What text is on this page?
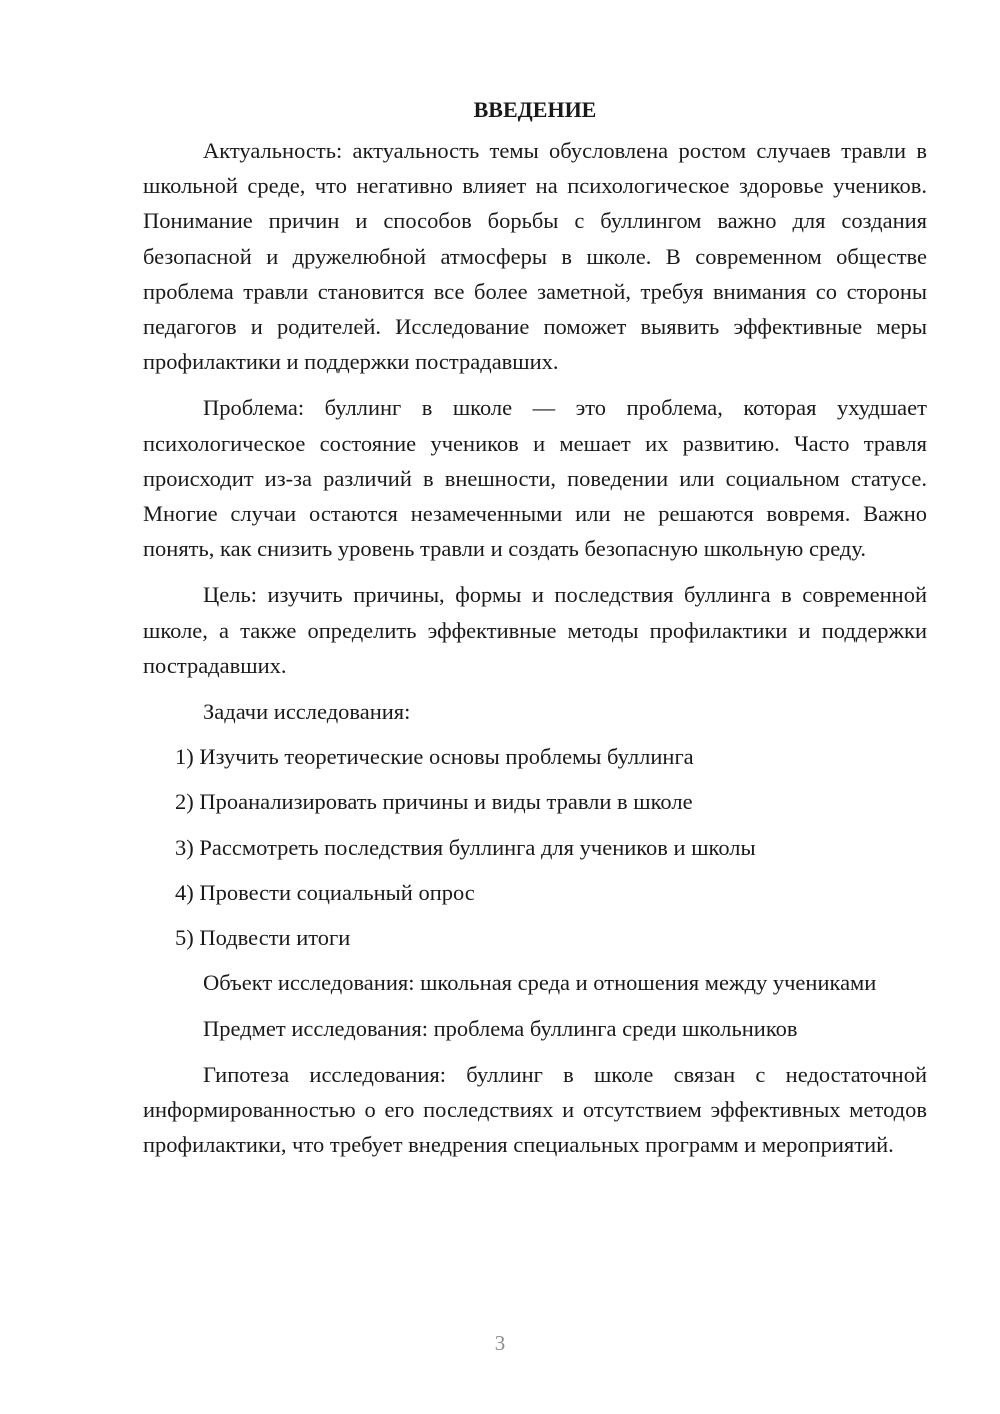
ВВЕДЕНИЕ

Актуальность: актуальность темы обусловлена ростом случаев травли в школьной среде, что негативно влияет на психологическое здоровье учеников. Понимание причин и способов борьбы с буллингом важно для создания безопасной и дружелюбной атмосферы в школе. В современном обществе проблема травли становится все более заметной, требуя внимания со стороны педагогов и родителей. Исследование поможет выявить эффективные меры профилактики и поддержки пострадавших.

Проблема: буллинг в школе — это проблема, которая ухудшает психологическое состояние учеников и мешает их развитию. Часто травля происходит из-за различий в внешности, поведении или социальном статусе. Многие случаи остаются незамеченными или не решаются вовремя. Важно понять, как снизить уровень травли и создать безопасную школьную среду.

Цель: изучить причины, формы и последствия буллинга в современной школе, а также определить эффективные методы профилактики и поддержки пострадавших.

Задачи исследования:

1) Изучить теоретические основы проблемы буллинга
2) Проанализировать причины и виды травли в школе
3) Рассмотреть последствия буллинга для учеников и школы
4) Провести социальный опрос
5) Подвести итоги

Объект исследования: школьная среда и отношения между учениками

Предмет исследования: проблема буллинга среди школьников

Гипотеза исследования: буллинг в школе связан с недостаточной информированностью о его последствиях и отсутствием эффективных методов профилактики, что требует внедрения специальных программ и мероприятий.

3
